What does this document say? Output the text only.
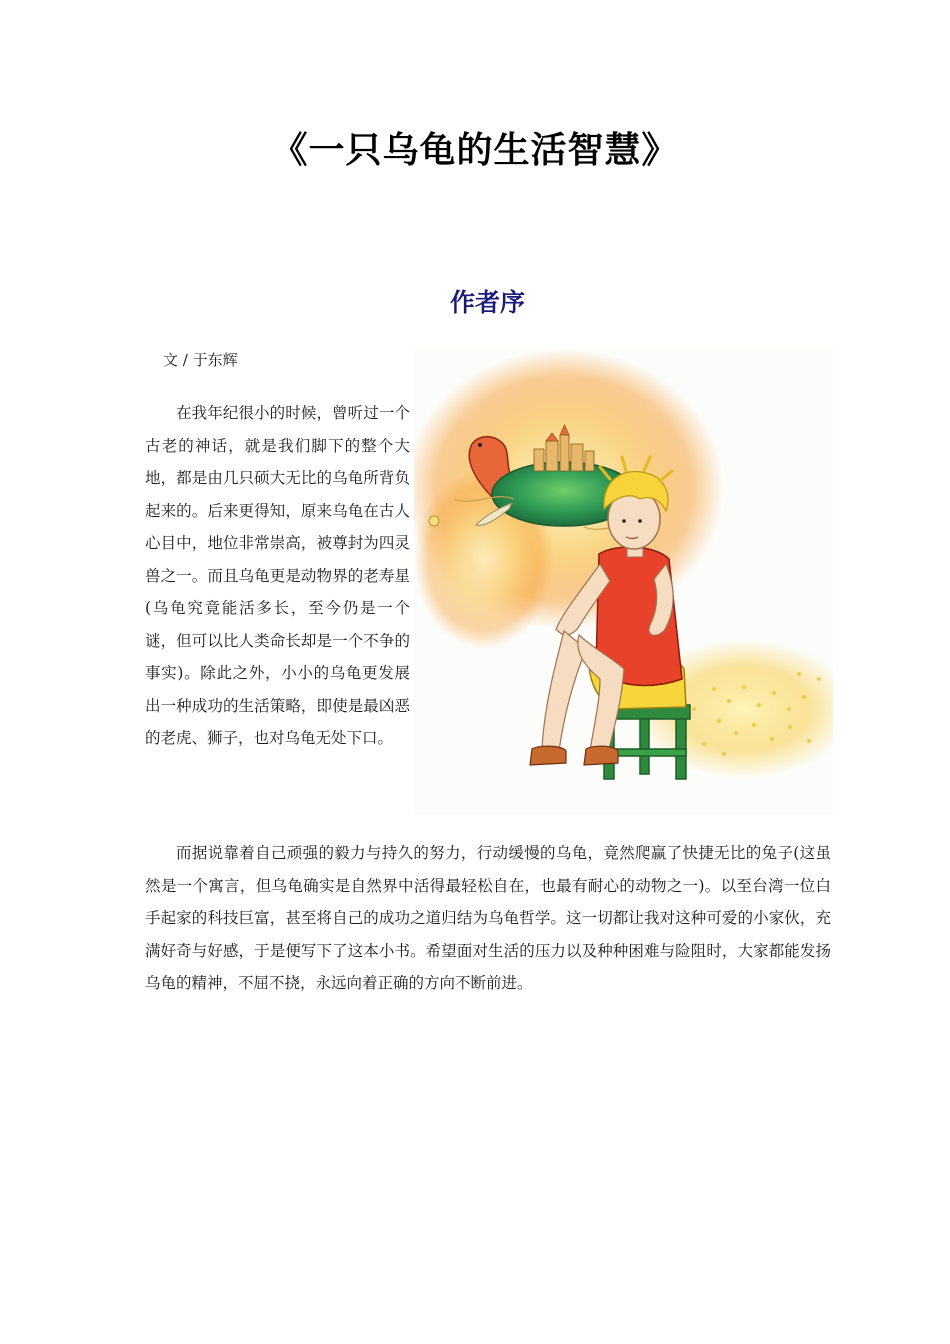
《一只乌龟的生活智慧》
作者序

文 / 于东辉

在我年纪很小的时候，曾听过一个古老的神话，就是我们脚下的整个大地，都是由几只硕大无比的乌龟所背负起来的。后来更得知，原来乌龟在古人心目中，地位非常崇高，被尊封为四灵兽之一。而且乌龟更是动物界的老寿星(乌龟究竟能活多长，至今仍是一个谜，但可以比人类命长却是一个不争的事实)。除此之外，小小的乌龟更发展出一种成功的生活策略，即使是最凶恶的老虎、狮子，也对乌龟无处下口。

而据说靠着自己顽强的毅力与持久的努力，行动缓慢的乌龟，竟然爬赢了快捷无比的兔子(这虽然是一个寓言，但乌龟确实是自然界中活得最轻松自在，也最有耐心的动物之一)。以至台湾一位白手起家的科技巨富，甚至将自己的成功之道归结为乌龟哲学。这一切都让我对这种可爱的小家伙，充满好奇与好感，于是便写下了这本小书。希望面对生活的压力以及种种困难与险阻时，大家都能发扬乌龟的精神，不屈不挠，永远向着正确的方向不断前进。
